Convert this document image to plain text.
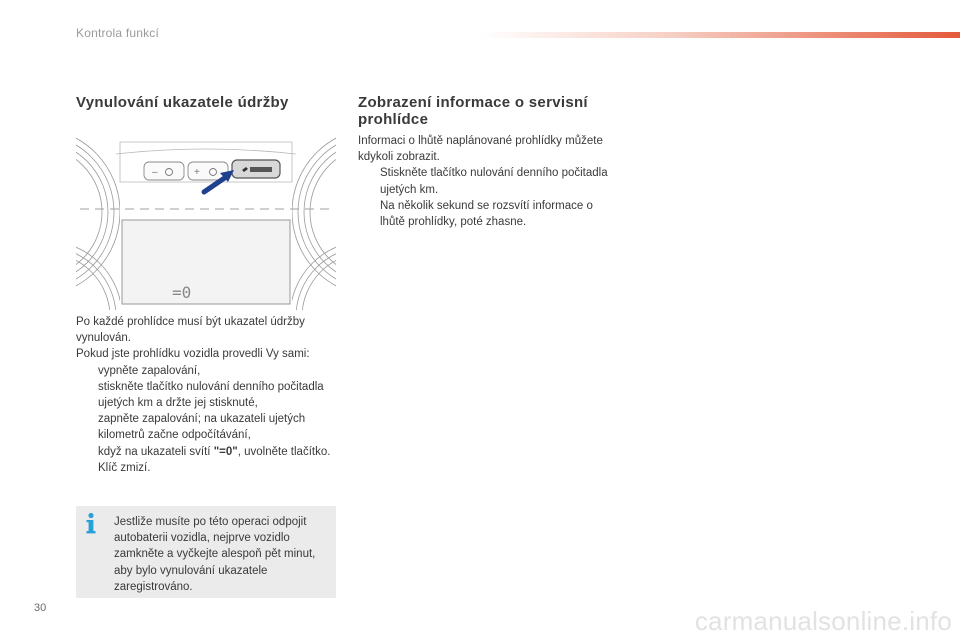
Kontrola funkcí
Vynulování ukazatele údržby	Zobrazení informace o servisní prohlídce
–	+
=0

Po každé prohlídce musí být ukazatel údržby vynulován.

Pokud jste prohlídku vozidla provedli Vy sami:

vypněte zapalování,
stiskněte tlačítko nulování denního počitadla ujetých km a držte jej stisknuté,
zapněte zapalování; na ukazateli ujetých kilometrů začne odpočítávání,
když na ukazateli svítí "=0", uvolněte tlačítko. Klíč zmizí.
Jestliže musíte po této operaci odpojit autobaterii vozidla, nejprve vozidlo zamkněte a vyčkejte alespoň pět minut, aby bylo vynulování ukazatele zaregistrováno.

Informaci o lhůtě naplánované prohlídky můžete kdykoli zobrazit.

Stiskněte tlačítko nulování denního počitadla ujetých km.
Na několik sekund se rozsvítí informace o lhůtě prohlídky, poté zhasne.
30	carmanualsonline.info
